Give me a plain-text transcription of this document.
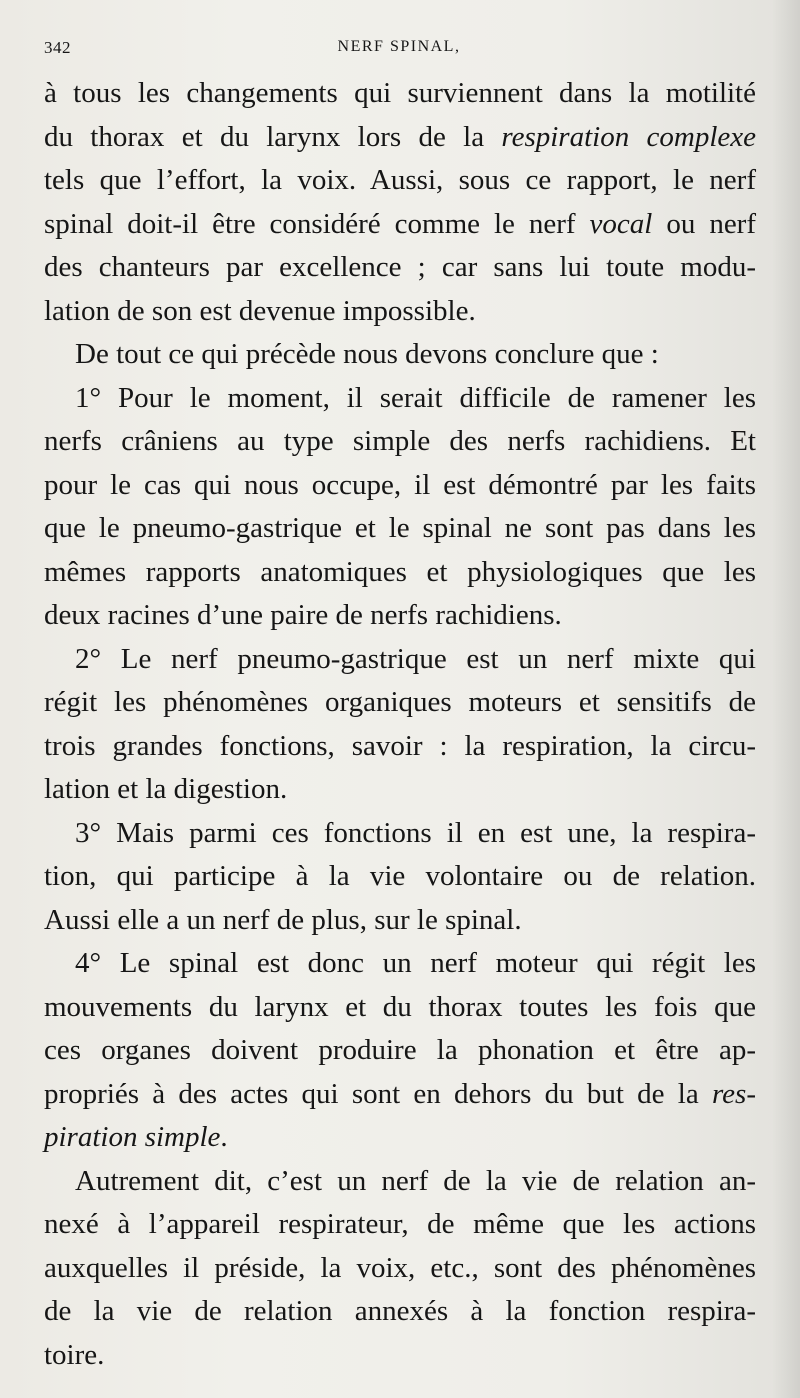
NERF SPINAL,
342
à tous les changements qui surviennent dans la motilité
du thorax et du larynx lors de la respiration complexe
tels que l’effort, la voix. Aussi, sous ce rapport, le nerf
spinal doit-il être considéré comme le nerf vocal ou nerf
des chanteurs par excellence ; car sans lui toute modu-
lation de son est devenue impossible.
De tout ce qui précède nous devons conclure que :
1° Pour le moment, il serait difficile de ramener les
nerfs crâniens au type simple des nerfs rachidiens. Et
pour le cas qui nous occupe, il est démontré par les faits
que le pneumo-gastrique et le spinal ne sont pas dans les
mêmes rapports anatomiques et physiologiques que les
deux racines d’une paire de nerfs rachidiens.
2° Le nerf pneumo-gastrique est un nerf mixte qui
régit les phénomènes organiques moteurs et sensitifs de
trois grandes fonctions, savoir : la respiration, la circu-
lation et la digestion.
3° Mais parmi ces fonctions il en est une, la respira-
tion, qui participe à la vie volontaire ou de relation.
Aussi elle a un nerf de plus, sur le spinal.
4° Le spinal est donc un nerf moteur qui régit les
mouvements du larynx et du thorax toutes les fois que
ces organes doivent produire la phonation et être ap-
propriés à des actes qui sont en dehors du but de la res-
piration simple.
Autrement dit, c’est un nerf de la vie de relation an-
nexé à l’appareil respirateur, de même que les actions
auxquelles il préside, la voix, etc., sont des phénomènes
de la vie de relation annexés à la fonction respira-
toire.
